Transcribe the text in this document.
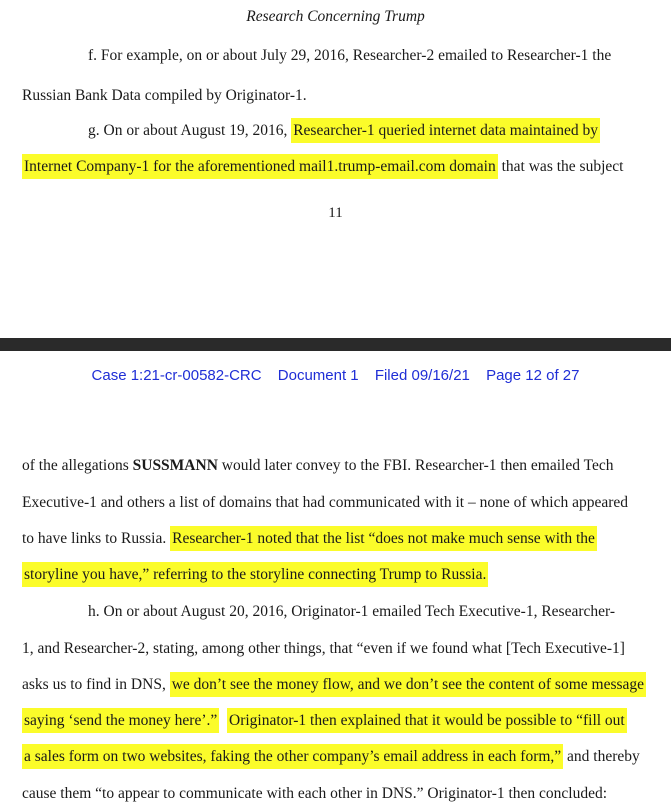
Research Concerning Trump
f. For example, on or about July 29, 2016, Researcher-2 emailed to Researcher-1 the
Russian Bank Data compiled by Originator-1.
g. On or about August 19, 2016, Researcher-1 queried internet data maintained by
Internet Company-1 for the aforementioned mail1.trump-email.com domain that was the subject
11
Case 1:21-cr-00582-CRC Document 1 Filed 09/16/21 Page 12 of 27
of the allegations SUSSMANN would later convey to the FBI. Researcher-1 then emailed Tech
Executive-1 and others a list of domains that had communicated with it – none of which appeared
to have links to Russia. Researcher-1 noted that the list “does not make much sense with the
storyline you have,” referring to the storyline connecting Trump to Russia.
h. On or about August 20, 2016, Originator-1 emailed Tech Executive-1, Researcher-
1, and Researcher-2, stating, among other things, that “even if we found what [Tech Executive-1]
asks us to find in DNS, we don’t see the money flow, and we don’t see the content of some message
saying ‘send the money here’.” Originator-1 then explained that it would be possible to “fill out
a sales form on two websites, faking the other company’s email address in each form,” and thereby
cause them “to appear to communicate with each other in DNS.” Originator-1 then concluded:
